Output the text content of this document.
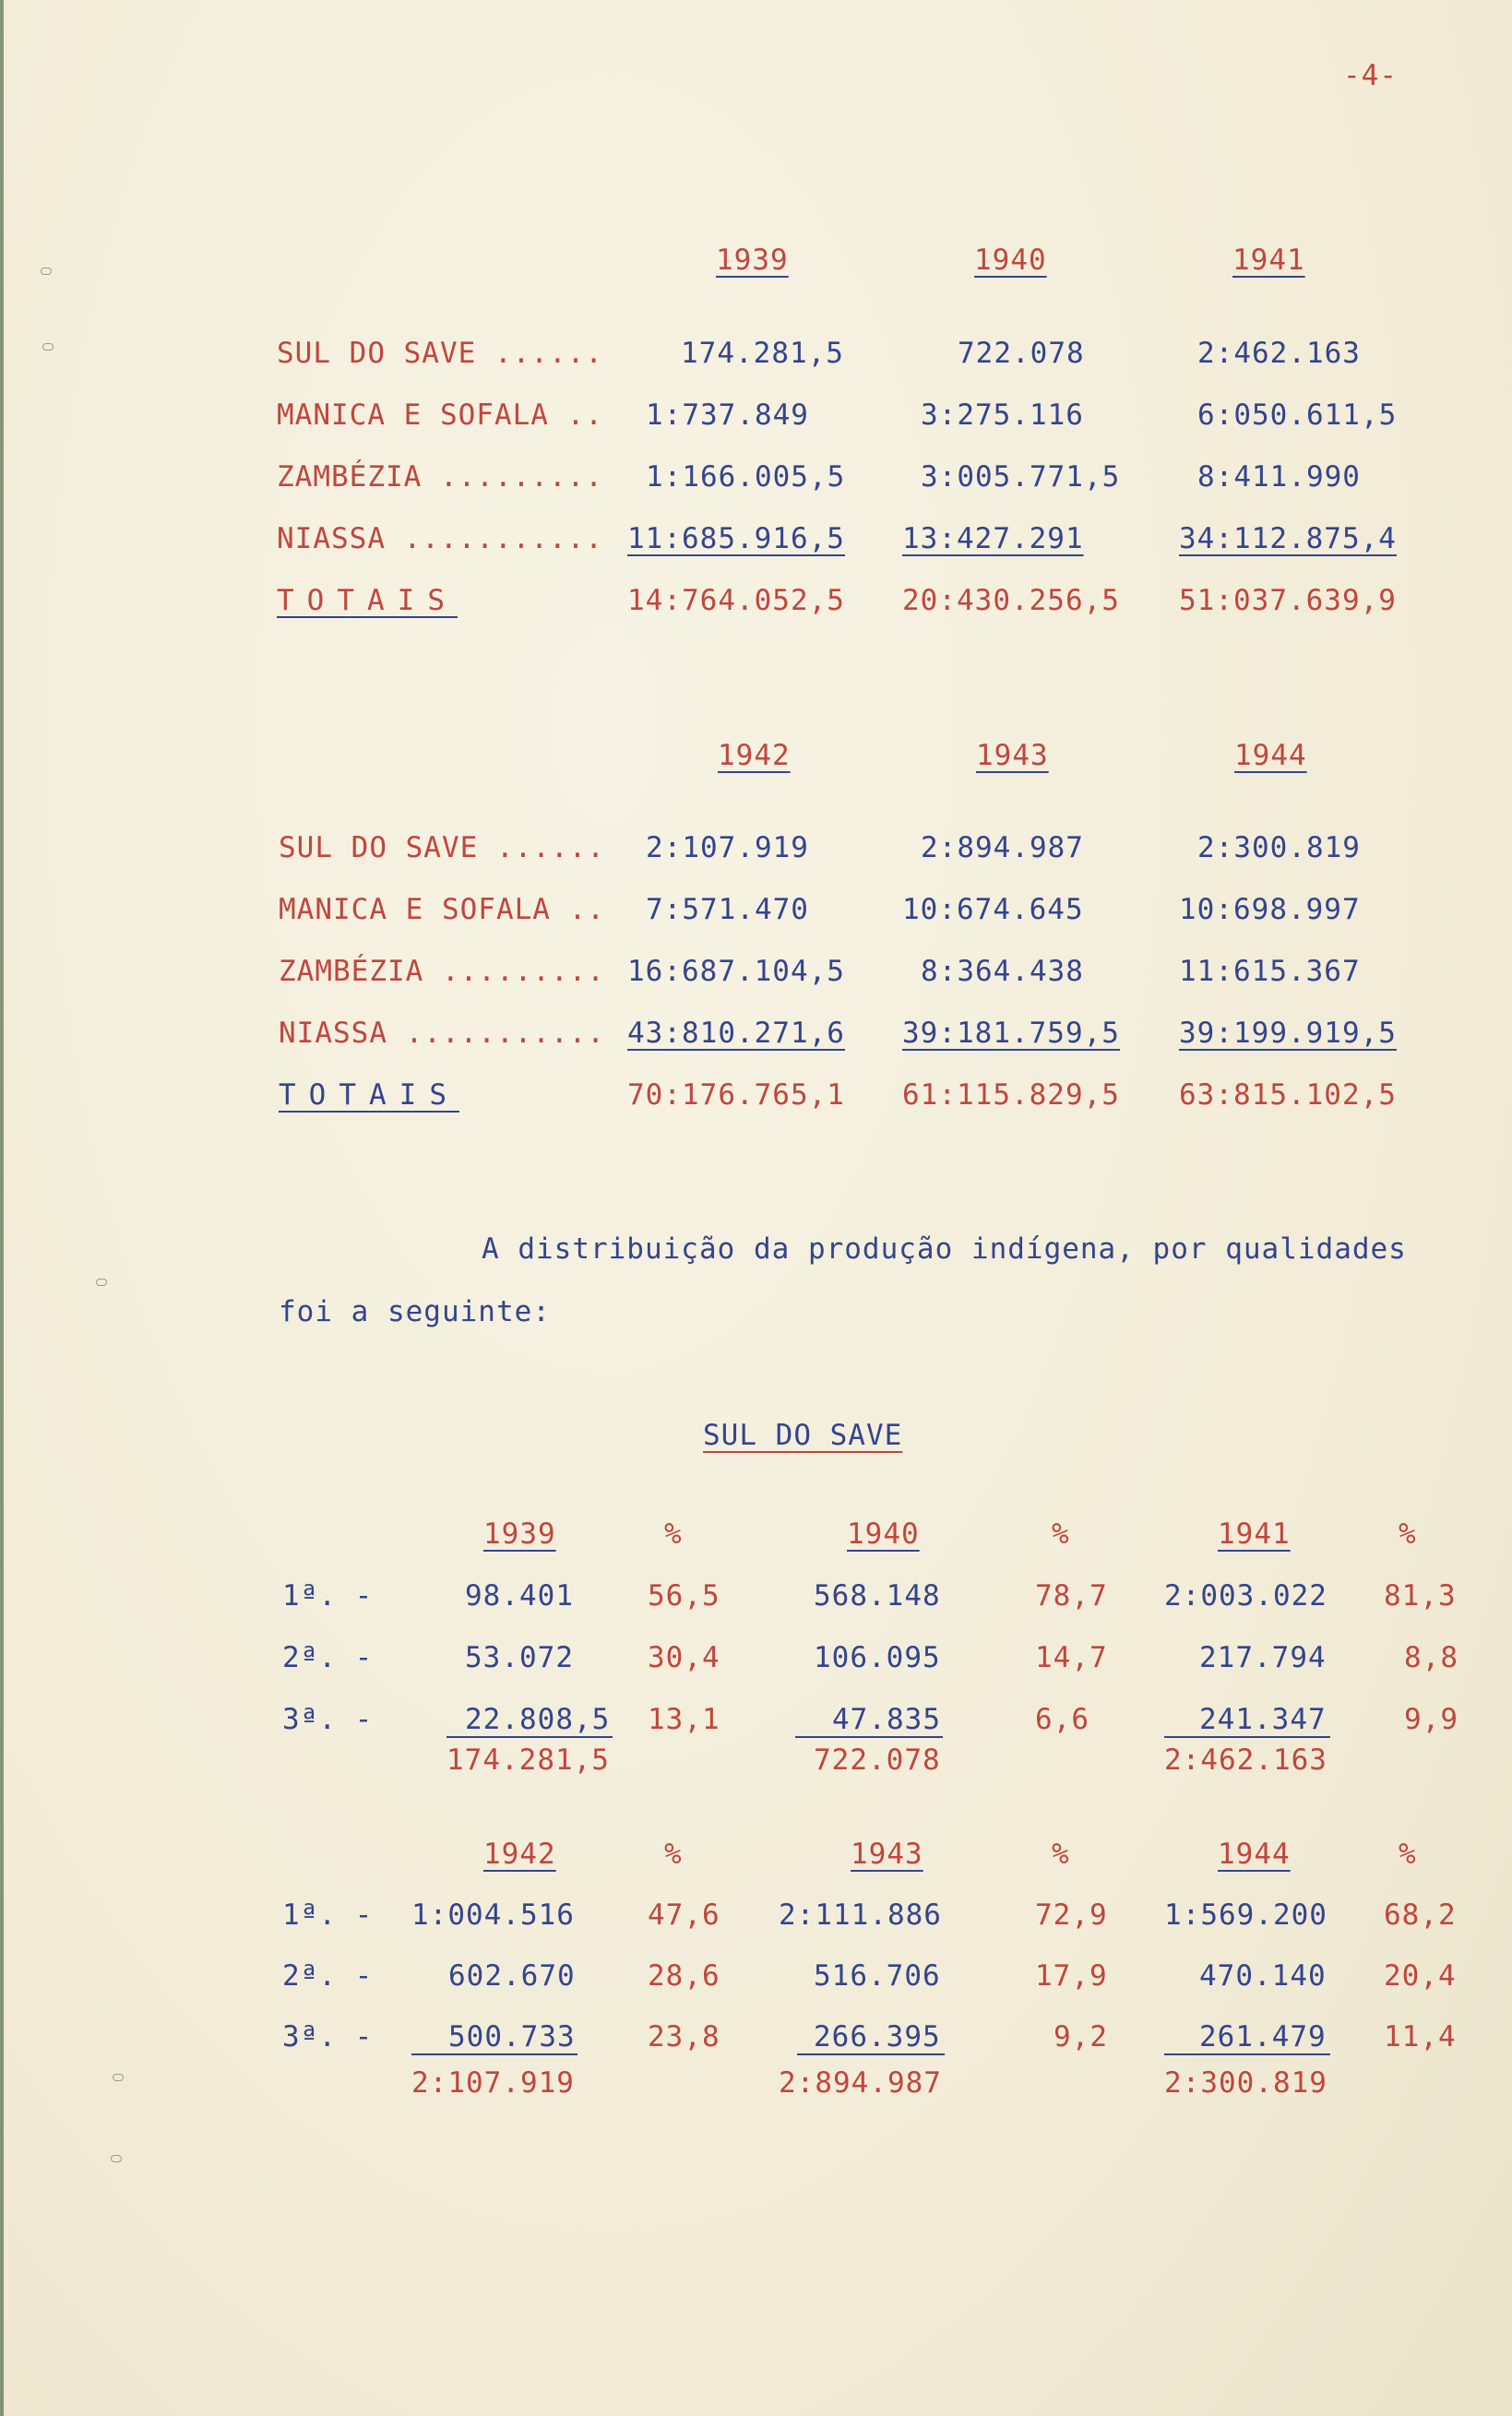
-4-
1939	1940	1941
SUL DO SAVE ......	174.281,5	722.078	2:462.163
MANICA E SOFALA .. 1:737.849	3:275.116	6:050.611,5
ZAMBÉZIA ......... 1:166.005,5	3:005.771,5	8:411.990
NIASSA ........... 11:685.916,5 13:427.291	34:112.875,4
TOTAIS	14:764.052,5 20:430.256,5 51:037.639,9
1942	1943	1944
SUL DO SAVE ...... 2:107.919	2:894.987	2:300.819
MANICA E SOFALA .. 7:571.470	10:674.645	10:698.997
ZAMBÉZIA ......... 16:687.104,5	8:364.438	11:615.367
NIASSA ........... 43:810.271,6 39:181.759,5 39:199.919,5
TOTAIS	70:176.765,1 61:115.829,5 63:815.102,5
A distribuição da produção indígena, por qualidades
foi a seguinte:
SUL DO SAVE
1939	%	1940	%	1941	%
1ª. -	98.401	56,5	568.148	78,7 2:003.022 81,3
2ª. -	53.072	30,4	106.095	14,7	217.794	8,8
3ª. -	22.808,5 13,1	47.835	6,6	241.347	9,9
174.281,5	722.078	2:462.163
1942	%	1943	%	1944	%
1ª. - 1:004.516	47,6 2:111.886	72,9 1:569.200 68,2
2ª. -	602.670	28,6	516.706	17,9	470.140 20,4
3ª. -	500.733	23,8	266.395	9,2	261.479 11,4
2:107.919	2:894.987	2:300.819
